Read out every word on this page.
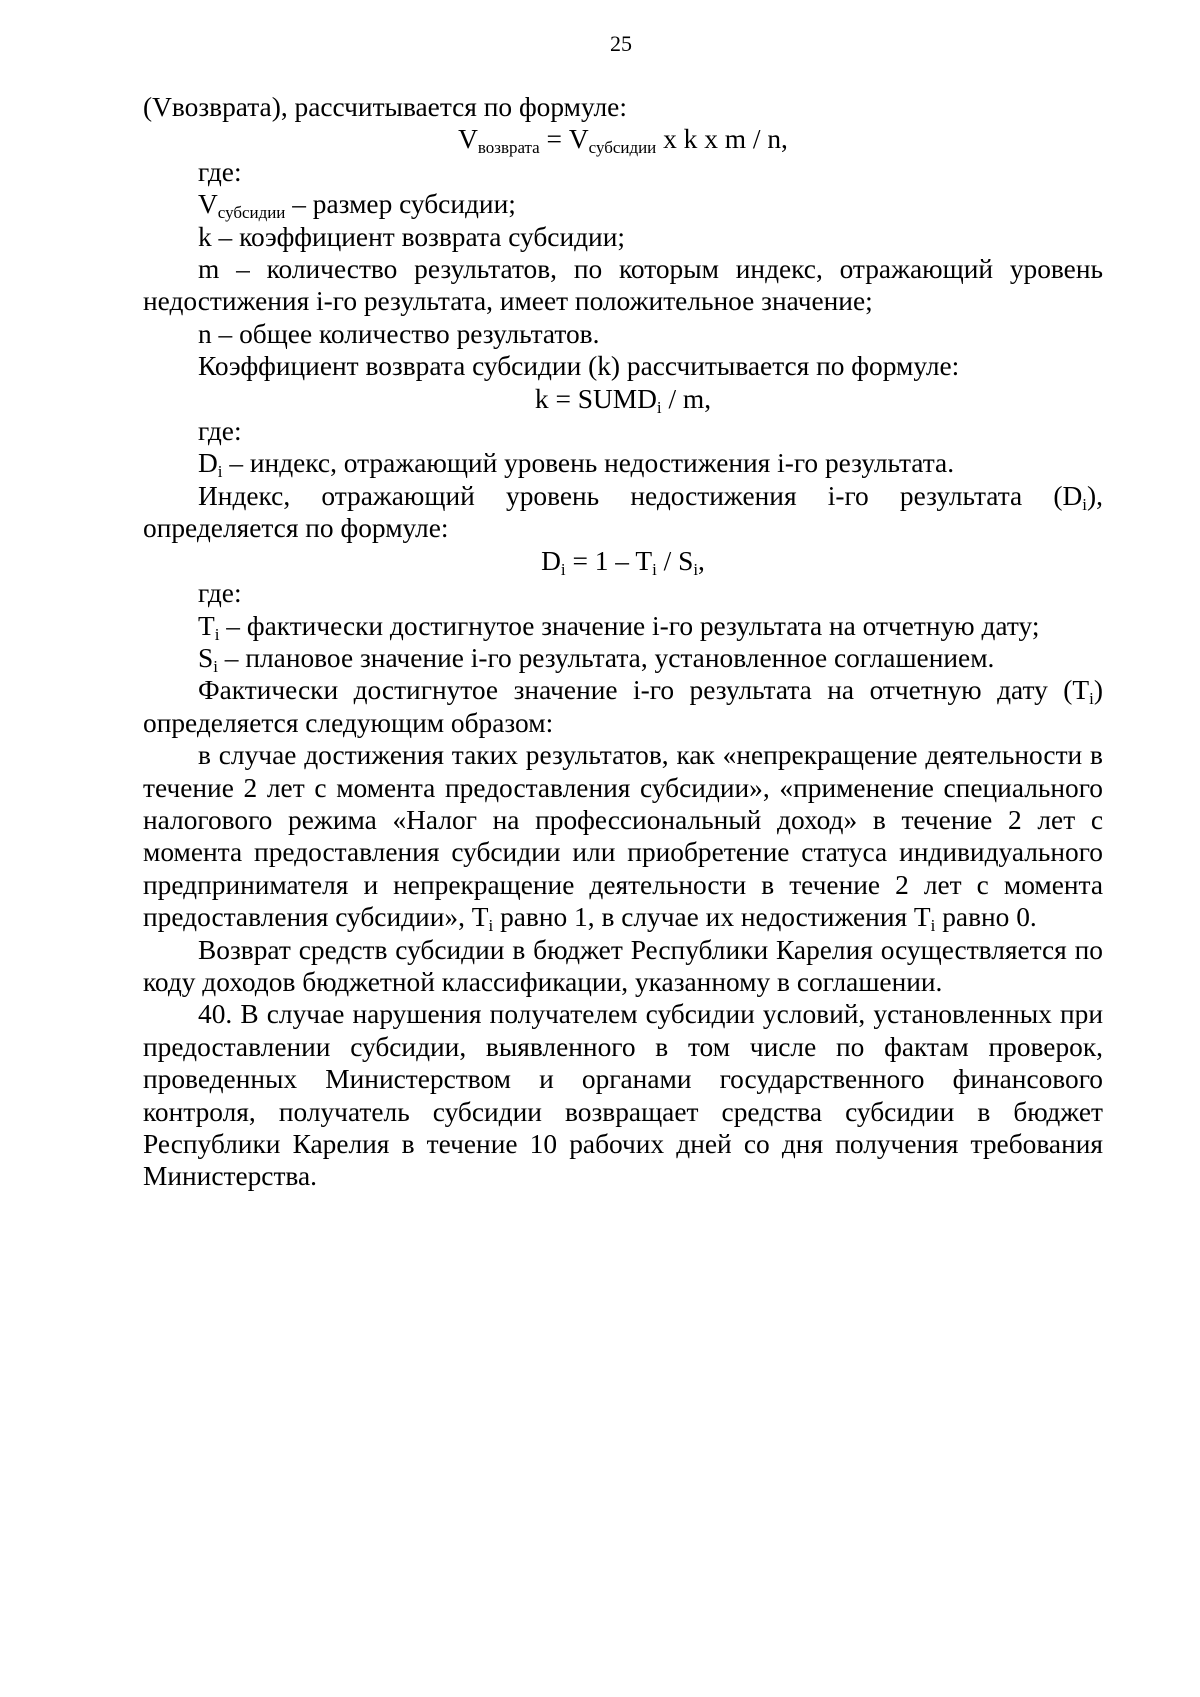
25

(Vвозврата), рассчитывается по формуле:

$V_{возврата} = V_{субсидии}$ x k x m / n,

где:

$V_{субсидии}$ – размер субсидии;

k – коэффициент возврата субсидии;

m – количество результатов, по которым индекс, отражающий уровень недостижения i-го результата, имеет положительное значение;

n – общее количество результатов.

Коэффициент возврата субсидии (k) рассчитывается по формуле:

$k = SUMD_i / m$,

где:

$D_i$ – индекс, отражающий уровень недостижения i-го результата.

Индекс, отражающий уровень недостижения i-го результата $(D_i)$, определяется по формуле:

$D_i = 1 - T_i / S_i$,

где:

$T_i$ – фактически достигнутое значение i-го результата на отчетную дату;

$S_i$ – плановое значение i-го результата, установленное соглашением.

Фактически достигнутое значение i-го результата на отчетную дату $(T_i)$ определяется следующим образом:

в случае достижения таких результатов, как «непрекращение деятельности в течение 2 лет с момента предоставления субсидии», «применение специального налогового режима «Налог на профессиональный доход» в течение 2 лет с момента предоставления субсидии или приобретение статуса индивидуального предпринимателя и непрекращение деятельности в течение 2 лет с момента предоставления субсидии», $T_i$ равно 1, в случае их недостижения $T_i$ равно 0.

Возврат средств субсидии в бюджет Республики Карелия осуществляется по коду доходов бюджетной классификации, указанному в соглашении.

40. В случае нарушения получателем субсидии условий, установленных при предоставлении субсидии, выявленного в том числе по фактам проверок, проведенных Министерством и органами государственного финансового контроля, получатель субсидии возвращает средства субсидии в бюджет Республики Карелия в течение 10 рабочих дней со дня получения требования Министерства.
